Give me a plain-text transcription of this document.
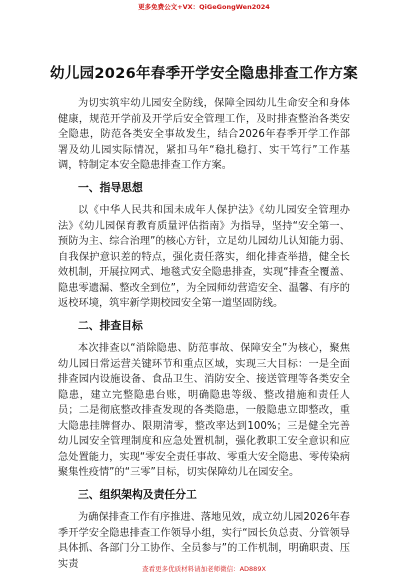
更多免费公文+VX：QiGeGongWen2024
幼儿园2026年春季开学安全隐患排查工作方案

为切实筑牢幼儿园安全防线，保障全园幼儿生命安全和身体健康，规范开学前及开学后安全管理工作，及时排查整治各类安全隐患，防范各类安全事故发生，结合2026年春季开学工作部署及幼儿园实际情况，紧扣马年“稳扎稳打、实干笃行”工作基调，特制定本安全隐患排查工作方案。

一、指导思想

以《中华人民共和国未成年人保护法》《幼儿园安全管理办法》《幼儿园保育教育质量评估指南》为指导，坚持“安全第一、预防为主、综合治理”的核心方针，立足幼儿园幼儿认知能力弱、自我保护意识差的特点，强化责任落实，细化排查举措，健全长效机制，开展拉网式、地毯式安全隐患排查，实现“排查全覆盖、隐患零遗漏、整改全到位”，为全园师幼营造安全、温馨、有序的返校环境，筑牢新学期校园安全第一道坚固防线。

二、排查目标

本次排查以“消除隐患、防范事故、保障安全”为核心，聚焦幼儿园日常运营关键环节和重点区域，实现三大目标：一是全面排查园内设施设备、食品卫生、消防安全、接送管理等各类安全隐患，建立完整隐患台账，明确隐患等级、整改措施和责任人员；二是彻底整改排查发现的各类隐患，一般隐患立即整改，重大隐患挂牌督办、限期清零，整改率达到100%；三是健全完善幼儿园安全管理制度和应急处置机制，强化教职工安全意识和应急处置能力，实现“零安全责任事故、零重大安全隐患、零传染病聚集性疫情”的“三零”目标，切实保障幼儿在园安全。

三、组织架构及责任分工

为确保排查工作有序推进、落地见效，成立幼儿园2026年春季开学安全隐患排查工作领导小组，实行“园长负总责、分管领导具体抓、各部门分工协作、全员参与”的工作机制，明确职责、压实责	查看更多优质材料请加老师微信：AD889X
